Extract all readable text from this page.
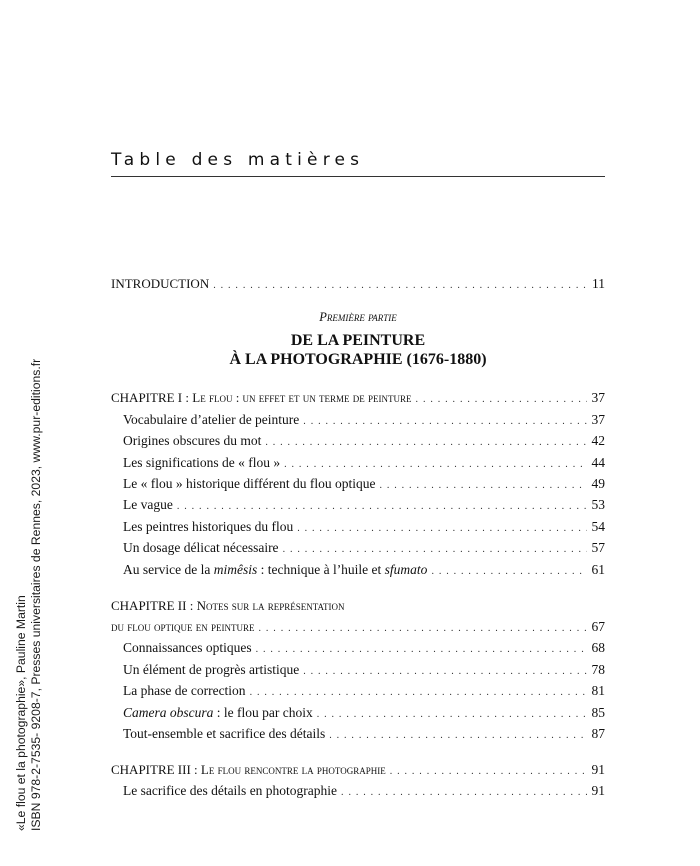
«Le flou et la photographie», Pauline Martin ISBN 978-2-7535- 9208-7, Presses universitaires de Rennes, 2023, www.pur-editions.fr
Table des matières
INTRODUCTION . . .	11
Première partie
DE LA PEINTURE
À LA PHOTOGRAPHIE (1676-1880)
CHAPITRE I : Le flou : un effet et un terme de peinture . . .	37
Vocabulaire d’atelier de peinture . . .	37
Origines obscures du mot . . .	42
Les significations de « flou » . . .	44
Le « flou » historique différent du flou optique . . .	49
Le vague . . .	53
Les peintres historiques du flou . . .	54
Un dosage délicat nécessaire . . .	57
Au service de la mimêsis : technique à l’huile et sfumato . . .	61
CHAPITRE II : Notes sur la représentation
du flou optique en peinture . . .	67
Connaissances optiques . . .	68
Un élément de progrès artistique . . .	78
La phase de correction . . .	81
Camera obscura : le flou par choix . . .	85
Tout-ensemble et sacrifice des détails . . .	87
CHAPITRE III : Le flou rencontre la photographie . . .	91
Le sacrifice des détails en photographie . . .	91
